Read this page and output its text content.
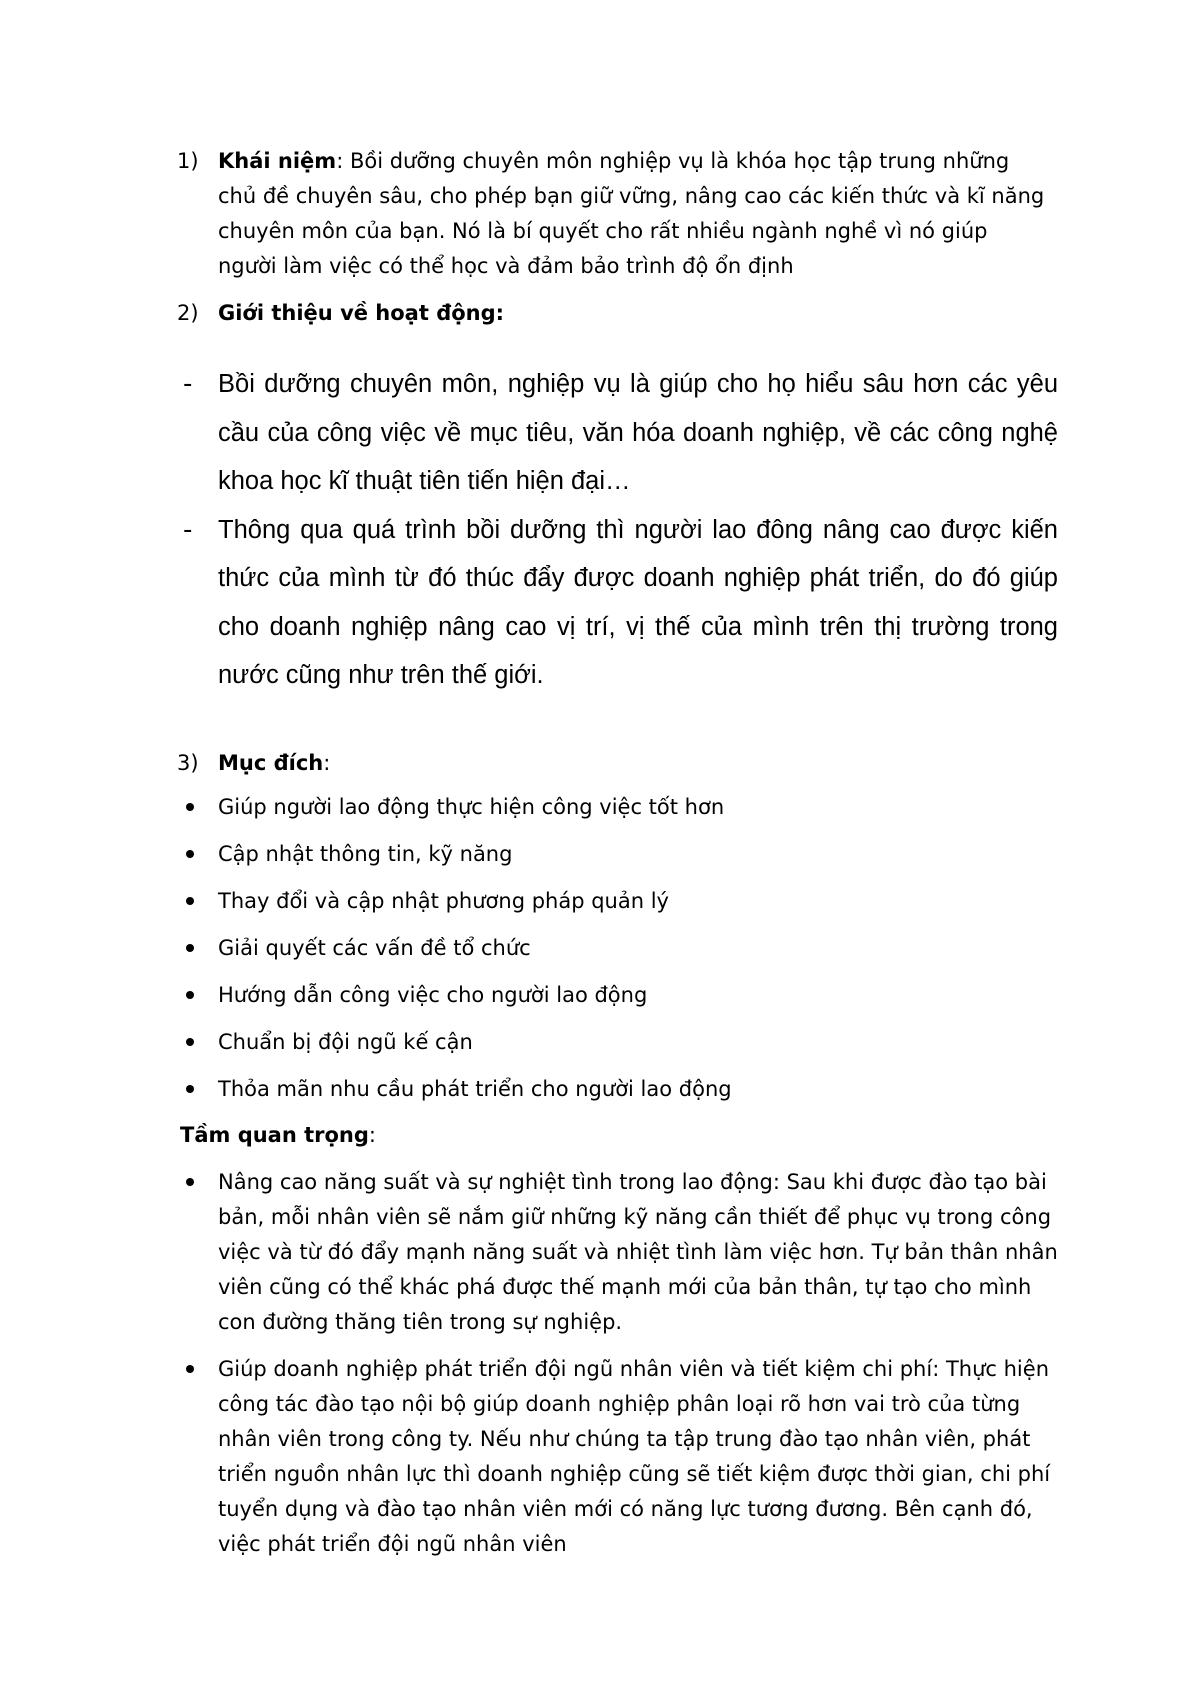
1) Khái niệm: Bồi dưỡng chuyên môn nghiệp vụ là khóa học tập trung những chủ đề chuyên sâu, cho phép bạn giữ vững, nâng cao các kiến thức và kĩ năng chuyên môn của bạn. Nó là bí quyết cho rất nhiều ngành nghề vì nó giúp người làm việc có thể học và đảm bảo trình độ ổn định
2) Giới thiệu về hoạt động:
- Bồi dưỡng chuyên môn, nghiệp vụ là giúp cho họ hiểu sâu hơn các yêu cầu của công việc về mục tiêu, văn hóa doanh nghiệp, về các công nghệ khoa học kĩ thuật tiên tiến hiện đại…
- Thông qua quá trình bồi dưỡng thì người lao đông nâng cao được kiến thức của mình từ đó thúc đẩy được doanh nghiệp phát triển, do đó giúp cho doanh nghiệp nâng cao vị trí, vị thế của mình trên thị trường trong nước cũng như trên thế giới.
3) Mục đích:
Giúp người lao động thực hiện công việc tốt hơn
Cập nhật thông tin, kỹ năng
Thay đổi và cập nhật phương pháp quản lý
Giải quyết các vấn đề tổ chức
Hướng dẫn công việc cho người lao động
Chuẩn bị đội ngũ kế cận
Thỏa mãn nhu cầu phát triển cho người lao động
Tầm quan trọng:
Nâng cao năng suất và sự nghiệt tình trong lao động: Sau khi được đào tạo bài bản, mỗi nhân viên sẽ nắm giữ những kỹ năng cần thiết để phục vụ trong công việc và từ đó đẩy mạnh năng suất và nhiệt tình làm việc hơn. Tự bản thân nhân viên cũng có thể khác phá được thế mạnh mới của bản thân, tự tạo cho mình con đường thăng tiên trong sự nghiệp.
Giúp doanh nghiệp phát triển đội ngũ nhân viên và tiết kiệm chi phí: Thực hiện công tác đào tạo nội bộ giúp doanh nghiệp phân loại rõ hơn vai trò của từng nhân viên trong công ty. Nếu như chúng ta tập trung đào tạo nhân viên, phát triển nguồn nhân lực thì doanh nghiệp cũng sẽ tiết kiệm được thời gian, chi phí tuyển dụng và đào tạo nhân viên mới có năng lực tương đương. Bên cạnh đó, việc phát triển đội ngũ nhân viên
